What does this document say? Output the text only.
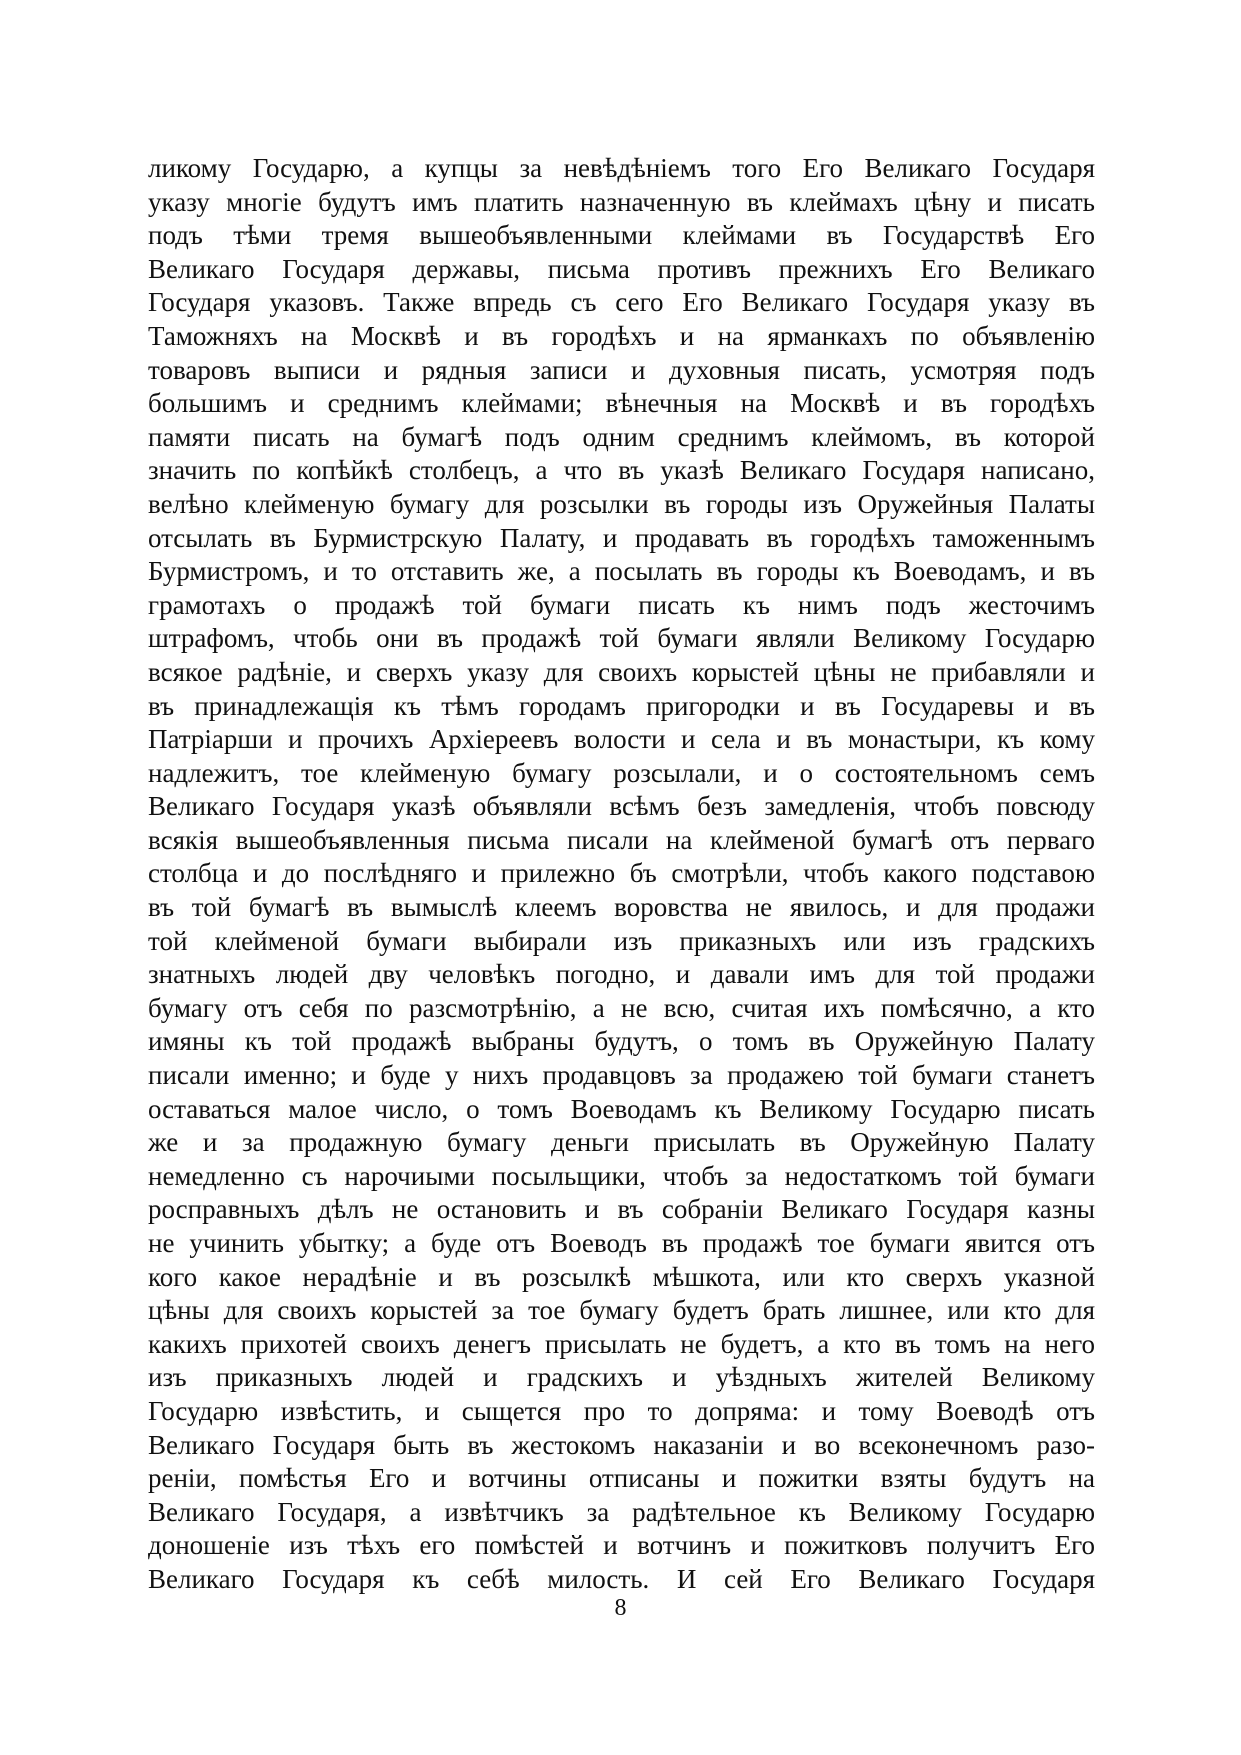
ликому Государю, а купцы за невѣдѣнiемъ того Его Великаго Государя
указу многiе будутъ имъ платить назначенную въ клеймахъ цѣну и писать
подъ тѣми тремя вышеобъявленными клеймами въ Государствѣ Его
Великаго Государя державы, письма противъ прежнихъ Его Великаго
Государя указовъ. Также впредь съ сего Его Великаго Государя указу въ
Таможняхъ на Москвѣ и въ городѣхъ и на ярманкахъ по объявленiю
товаровъ выписи и рядныя записи и духовныя писать, усмотряя подъ
большимъ и среднимъ клеймами; вѣнечныя на Москвѣ и въ городѣхъ
памяти писать на бумагѣ подъ одним среднимъ клеймомъ, въ которой
значить по копѣйкѣ столбецъ, а что въ указѣ Великаго Государя написано,
велѣно клейменую бумагу для розсылки въ городы изъ Оружейныя Палаты
отсылать въ Бурмистрскую Палату, и продавать въ городѣхъ таможеннымъ
Бурмистромъ, и то отставить же, а посылать въ городы къ Воеводамъ, и въ
грамотахъ о продажѣ той бумаги писать къ нимъ подъ жесточимъ
штрафомъ, чтобь они въ продажѣ той бумаги являли Великому Государю
всякое радѣнiе, и сверхъ указу для своихъ корыстей цѣны не прибавляли и
въ принадлежащiя къ тѣмъ городамъ пригородки и въ Государевы и въ
Патрiарши и прочихъ Архiереевъ волости и села и въ монастыри, къ кому
надлежитъ, тое клейменую бумагу розсылали, и о состоятельномъ семъ
Великаго Государя указѣ объявляли всѣмъ безъ замедленiя, чтобъ повсюду
всякiя вышеобъявленныя письма писали на клейменой бумагѣ отъ перваго
столбца и до послѣдняго и прилежно бъ смотрѣли, чтобъ какого подставою
въ той бумагѣ въ вымыслѣ клеемъ воровства не явилось, и для продажи
той клейменой бумаги выбирали изъ приказныхъ или изъ градскихъ
знатныхъ людей дву человѣкъ погодно, и давали имъ для той продажи
бумагу отъ себя по разсмотрѣнiю, а не всю, считая ихъ помѣсячно, а кто
имяны къ той продажѣ выбраны будутъ, о томъ въ Оружейную Палату
писали именно; и буде у нихъ продавцовъ за продажею той бумаги станетъ
оставаться малое число, о томъ Воеводамъ къ Великому Государю писать
же и за продажную бумагу деньги присылать въ Оружейную Палату
немедленно съ нарочиыми посыльщики, чтобъ за недостаткомъ той бумаги
росправныхъ дѣлъ не остановить и въ собранiи Великаго Государя казны
не учинить убытку; а буде отъ Воеводъ въ продажѣ тое бумаги явится отъ
кого какое нерадѣнiе и въ розсылкѣ мѣшкота, или кто сверхъ указной
цѣны для своихъ корыстей за тое бумагу будетъ брать лишнее, или кто для
какихъ прихотей своихъ денегъ присылать не будетъ, а кто въ томъ на него
изъ приказныхъ людей и градскихъ и уѣздныхъ жителей Великому
Государю извѣстить, и сыщется про то допряма: и тому Воеводѣ отъ
Великаго Государя быть въ жестокомъ наказанiи и во всеконечномъ разо-
ренiи, помѣстья Его и вотчины отписаны и пожитки взяты будутъ на
Великаго Государя, а извѣтчикъ за радѣтельное къ Великому Государю
доношенiе изъ тѣхъ его помѣстей и вотчинъ и пожитковъ получитъ Его
Великаго Государя къ себѣ милость. И сей Его Великаго Государя
8
